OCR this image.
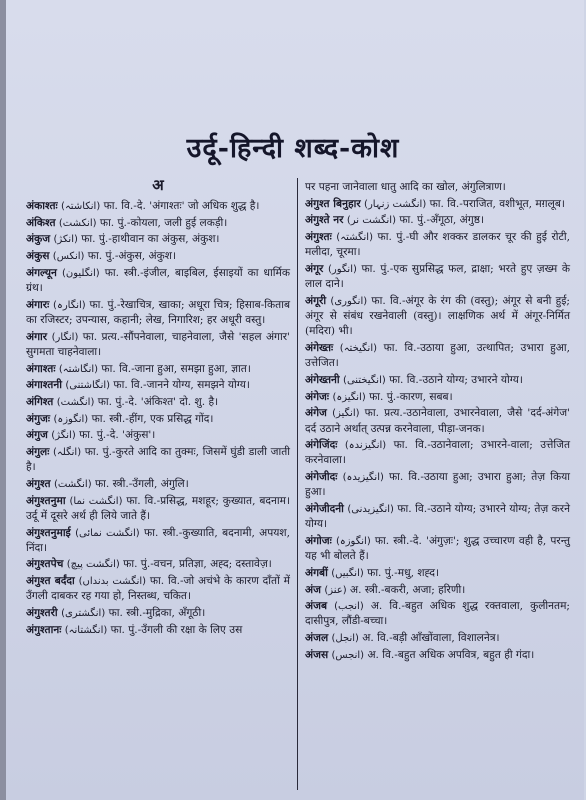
उर्दू-हिन्दी शब्द-कोश
अ
अंकाश्तः (انکاشتہ) फा. वि.-दे. 'अंगाश्तः' जो अधिक शुद्ध है।
अंकिश्त (انکشت) फा. पुं.-कोयला, जली हुई लकड़ी।
अंकुज (انکژ) फा. पुं.-हाथीवान का अंकुस, अंकुश।
अंकुस (انکس) फा. पुं.-अंकुस, अंकुश।
अंगल्यून (انگلیون) फा. स्त्री.-इंजील, बाइबिल, ईसाइयों का धार्मिक ग्रंथ।
अंगारः (انگارہ) फा. पुं.-रेखाचित्र, खाका; अधूरा चित्र; हिसाब-किताब का रजिस्टर; उपन्यास, कहानी; लेख, निगारिश; हर अधूरी वस्तु।
अंगार (انگار) फा. प्रत्य.-सौंपनेवाला, चाहनेवाला, जैसे 'सहल अंगार' सुगमता चाहनेवाला।
अंगाश्तः (انگاشتہ) फा. वि.-जाना हुआ, समझा हुआ, ज्ञात।
अंगाश्तनी (انگاشتنی) फा. वि.-जानने योग्य, समझने योग्य।
अंगिश्त (انگشت) फा. पुं.-दे. 'अंकिश्त' दो. शु. है।
अंगुजः (انگوزہ) फा. स्त्री.-हींग, एक प्रसिद्ध गोंद।
अंगुज (انگژ) फा. पुं.-दे. 'अंकुस'।
अंगुलः (انگلہ) फा. पुं.-कुरते आदि का तुक्मः, जिसमें घुंडी डाली जाती है।
अंगुश्त (انگشت) फा. स्त्री.-उँगली, अंगुलि।
अंगुश्तनुमा (انگشت نما) फा. वि.-प्रसिद्ध, मशहूर; कुख्यात, बदनाम। उर्दू में दूसरे अर्थ ही लिये जाते हैं।
अंगुश्तनुमाई (انگشت نمائی) फा. स्त्री.-कुख्याति, बदनामी, अपयश, निंदा।
अंगुश्तपेच (انگشت پیچ) फा. पुं.-वचन, प्रतिज्ञा, अह्द; दस्तावेज़।
अंगुश्त बर्दंदा (انگشت بدنداں) फा. वि.-जो अचंभे के कारण दाँतों में उँगली दाबकर रह गया हो, निस्तब्ध, चकित।
अंगुश्तरी (انگشتری) फा. स्त्री.-मुद्रिका, अँगूठी।
अंगुश्तानः (انگشتانہ) फा. पुं.-उँगली की रक्षा के लिए उस
पर पहना जानेवाला धातु आदि का खोल, अंगुलित्राण।
अंगुश्त बिनुहार (انگشت زنہار) फा. वि.-पराजित, वशीभूत, मग़लूब।
अंगुश्ते नर (انگشت نر) फा. पुं.-अँगूठा, अंगुष्ठ।
अंगुश्तः (انگشتہ) फा. पुं.-घी और शक्कर डालकर चूर की हुई रोटी, मलीदा, चूरमा।
अंगूर (انگور) फा. पुं.-एक सुप्रसिद्ध फल, द्राक्षा; भरते हुए ज़ख्म के लाल दाने।
अंगूरी (انگوری) फा. वि.-अंगूर के रंग की (वस्तु); अंगूर से बनी हुई; अंगूर से संबंध रखनेवाली (वस्तु)। लाक्षणिक अर्थ में अंगूर-निर्मित (मदिरा) भी।
अंगेख्तः (انگیختہ) फा. वि.-उठाया हुआ, उत्थापित; उभारा हुआ, उत्तेजित।
अंगेख्तनी (انگیختنی) फा. वि.-उठाने योग्य; उभारने योग्य।
अंगेजः (انگیزہ) फा. पुं.-कारण, सबब।
अंगेज (انگیز) फा. प्रत्य.-उठानेवाला, उभारनेवाला, जैसे 'दर्द-अंगेज' दर्द उठाने अर्थात् उत्पन्न करनेवाला, पीड़ा-जनक।
अंगेजिंदः (انگیزندہ) फा. वि.-उठानेवाला; उभारने-वाला; उत्तेजित करनेवाला।
अंगेजीदः (انگیزیدہ) फा. वि.-उठाया हुआ; उभारा हुआ; तेज़ किया हुआ।
अंगेजीदनी (انگیزیدنی) फा. वि.-उठाने योग्य; उभारने योग्य; तेज़ करने योग्य।
अंगोजः (انگوزہ) फा. स्त्री.-दे. 'अंगुज़ः'; शुद्ध उच्चारण वही है, परन्तु यह भी बोलते हैं।
अंगबीं (انگبیں) फा. पुं.-मधु, शह्द।
अंज (عنز) अ. स्त्री.-बकरी, अजा; हरिणी।
अंजब (انجب) अ. वि.-बहुत अधिक शुद्ध रक्तवाला, कुलीनतम; दासीपुत्र, लौंडी-बच्चा।
अंजल (انجل) अ. वि.-बड़ी आँखोंवाला, विशालनेत्र।
अंजस (انجس) अ. वि.-बहुत अधिक अपवित्र, बहुत ही गंदा।
